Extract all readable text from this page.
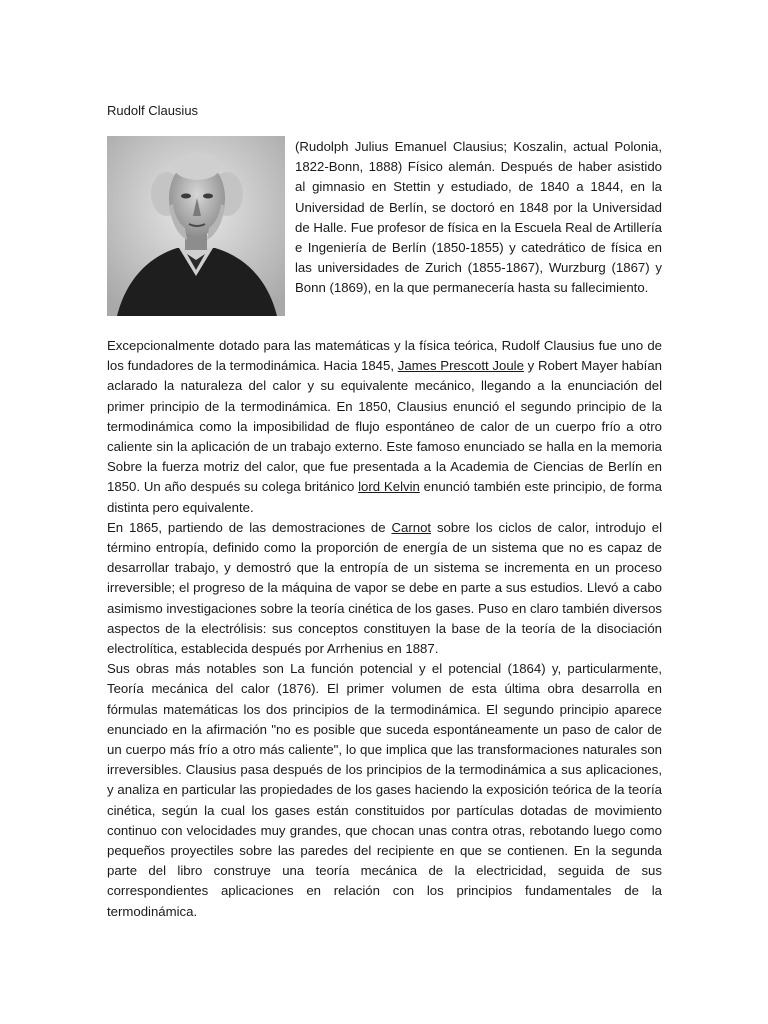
Rudolf Clausius

(Rudolph Julius Emanuel Clausius; Koszalin, actual Polonia, 1822-Bonn, 1888) Físico alemán. Después de haber asistido al gimnasio en Stettin y estudiado, de 1840 a 1844, en la Universidad de Berlín, se doctoró en 1848 por la Universidad de Halle. Fue profesor de física en la Escuela Real de Artillería e Ingeniería de Berlín (1850-1855) y catedrático de física en las universidades de Zurich (1855-1867), Wurzburg (1867) y Bonn (1869), en la que permanecería hasta su fallecimiento.

Excepcionalmente dotado para las matemáticas y la física teórica, Rudolf Clausius fue uno de los fundadores de la termodinámica. Hacia 1845, James Prescott Joule y Robert Mayer habían aclarado la naturaleza del calor y su equivalente mecánico, llegando a la enunciación del primer principio de la termodinámica. En 1850, Clausius enunció el segundo principio de la termodinámica como la imposibilidad de flujo espontáneo de calor de un cuerpo frío a otro caliente sin la aplicación de un trabajo externo. Este famoso enunciado se halla en la memoria Sobre la fuerza motriz del calor, que fue presentada a la Academia de Ciencias de Berlín en 1850. Un año después su colega británico lord Kelvin enunció también este principio, de forma distinta pero equivalente.

En 1865, partiendo de las demostraciones de Carnot sobre los ciclos de calor, introdujo el término entropía, definido como la proporción de energía de un sistema que no es capaz de desarrollar trabajo, y demostró que la entropía de un sistema se incrementa en un proceso irreversible; el progreso de la máquina de vapor se debe en parte a sus estudios. Llevó a cabo asimismo investigaciones sobre la teoría cinética de los gases. Puso en claro también diversos aspectos de la electrólisis: sus conceptos constituyen la base de la teoría de la disociación electrolítica, establecida después por Arrhenius en 1887.

Sus obras más notables son La función potencial y el potencial (1864) y, particularmente, Teoría mecánica del calor (1876). El primer volumen de esta última obra desarrolla en fórmulas matemáticas los dos principios de la termodinámica. El segundo principio aparece enunciado en la afirmación "no es posible que suceda espontáneamente un paso de calor de un cuerpo más frío a otro más caliente", lo que implica que las transformaciones naturales son irreversibles. Clausius pasa después de los principios de la termodinámica a sus aplicaciones, y analiza en particular las propiedades de los gases haciendo la exposición teórica de la teoría cinética, según la cual los gases están constituidos por partículas dotadas de movimiento continuo con velocidades muy grandes, que chocan unas contra otras, rebotando luego como pequeños proyectiles sobre las paredes del recipiente en que se contienen. En la segunda parte del libro construye una teoría mecánica de la electricidad, seguida de sus correspondientes aplicaciones en relación con los principios fundamentales de la termodinámica.
